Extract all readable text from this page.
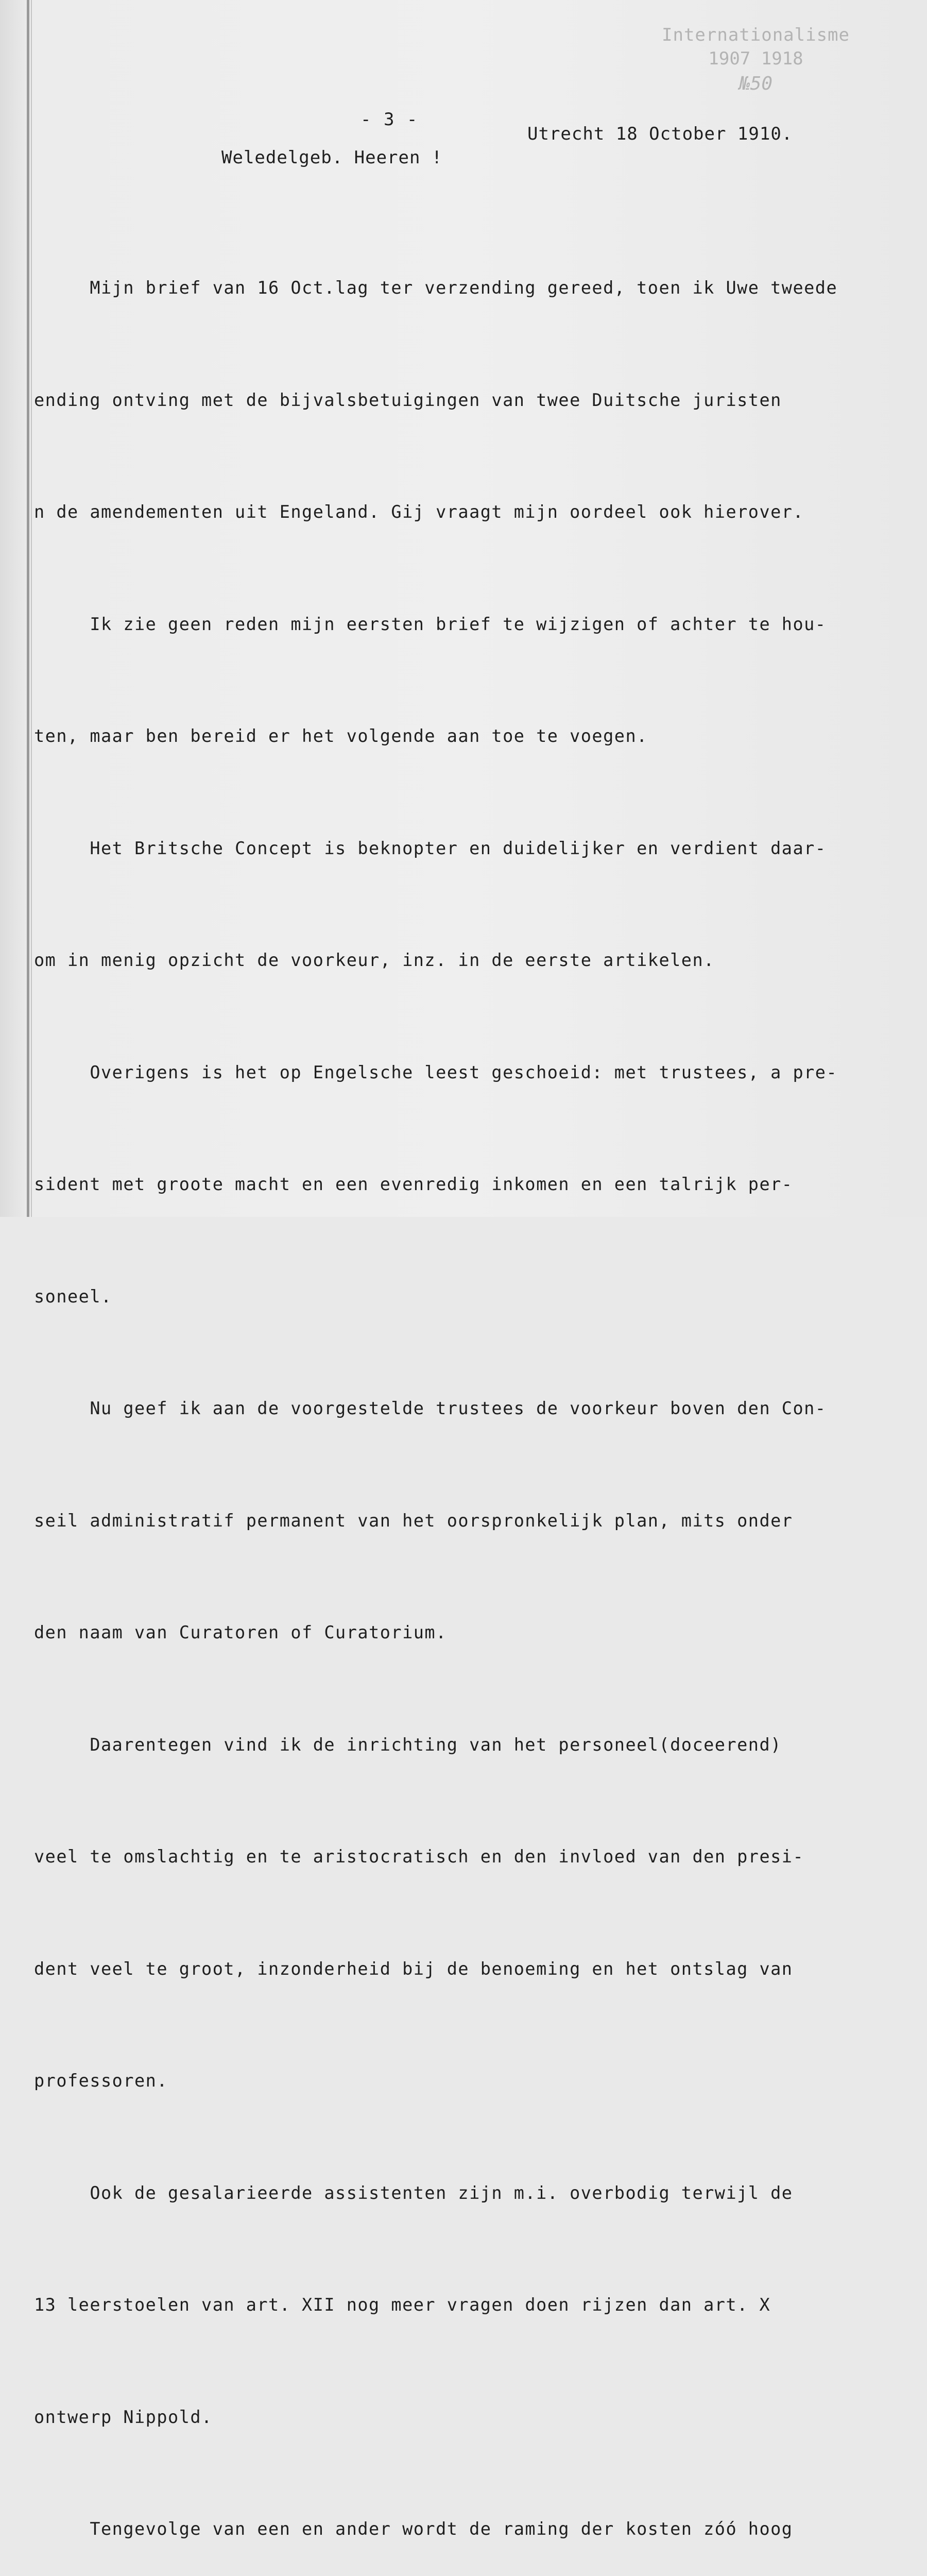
Internationalisme
1907 1918
№50
- 3 -
Utrecht 18 October 1910.
Weledelgeb. Heeren !

Mijn brief van 16 Oct.lag ter verzending gereed, toen ik Uwe tweede

ending ontving met de bijvalsbetuigingen van twee Duitsche juristen

n de amendementen uit Engeland. Gij vraagt mijn oordeel ook hierover.

Ik zie geen reden mijn eersten brief te wijzigen of achter te hou-

ten, maar ben bereid er het volgende aan toe te voegen.

Het Britsche Concept is beknopter en duidelijker en verdient daar-

om in menig opzicht de voorkeur, inz. in de eerste artikelen.

Overigens is het op Engelsche leest geschoeid: met trustees, a pre-

sident met groote macht en een evenredig inkomen en een talrijk per-

soneel.

Nu geef ik aan de voorgestelde trustees de voorkeur boven den Con-

seil administratif permanent van het oorspronkelijk plan, mits onder

den naam van Curatoren of Curatorium.

Daarentegen vind ik de inrichting van het personeel(doceerend)

veel te omslachtig en te aristocratisch en den invloed van den presi-

dent veel te groot, inzonderheid bij de benoeming en het ontslag van

professoren.

Ook de gesalarieerde assistenten zijn m.i. overbodig terwijl de

13 leerstoelen van art. XII nog meer vragen doen rijzen dan art. X

ontwerp Nippold.

Tengevolge van een en ander wordt de raming der kosten zóó hoog
